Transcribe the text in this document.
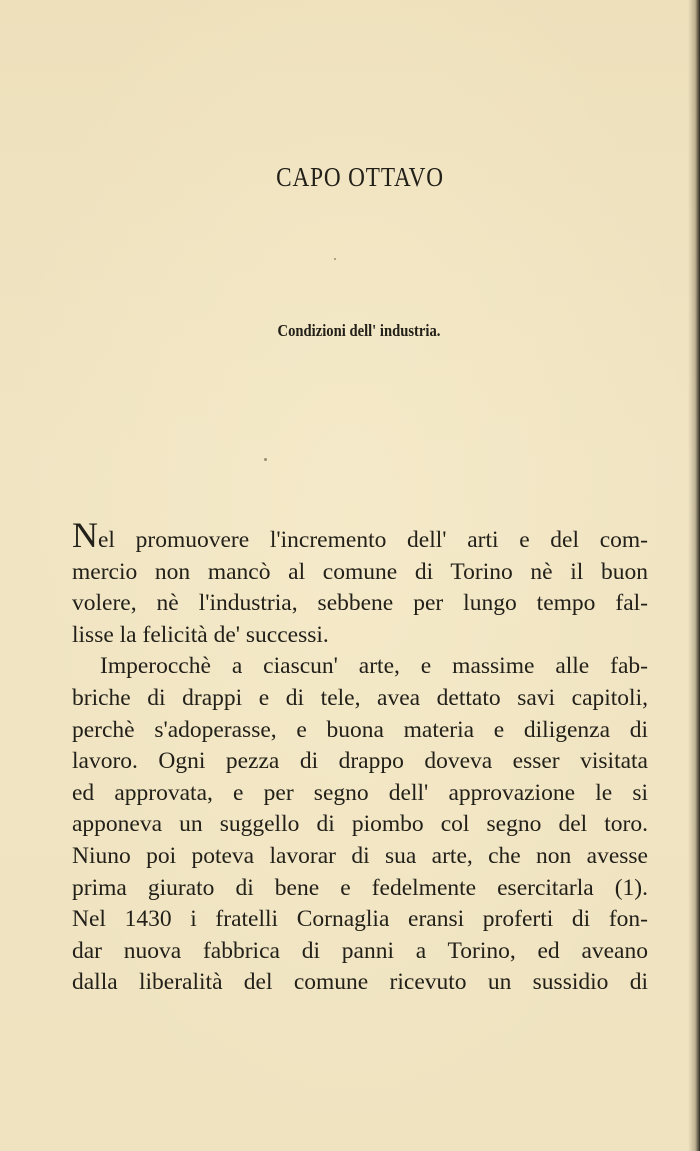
CAPO OTTAVO
Condizioni dell' industria.
Nel promuovere l'incremento dell' arti e del com-
mercio non mancò al comune di Torino nè il buon
volere, nè l'industria, sebbene per lungo tempo fal-
lisse la felicità de' successi.
Imperocchè a ciascun' arte, e massime alle fab-
briche di drappi e di tele, avea dettato savi capitoli,
perchè s'adoperasse, e buona materia e diligenza di
lavoro. Ogni pezza di drappo doveva esser visitata
ed approvata, e per segno dell' approvazione le si
apponeva un suggello di piombo col segno del toro.
Niuno poi poteva lavorar di sua arte, che non avesse
prima giurato di bene e fedelmente esercitarla (1).
Nel 1430 i fratelli Cornaglia eransi proferti di fon-
dar nuova fabbrica di panni a Torino, ed aveano
dalla liberalità del comune ricevuto un sussidio di
